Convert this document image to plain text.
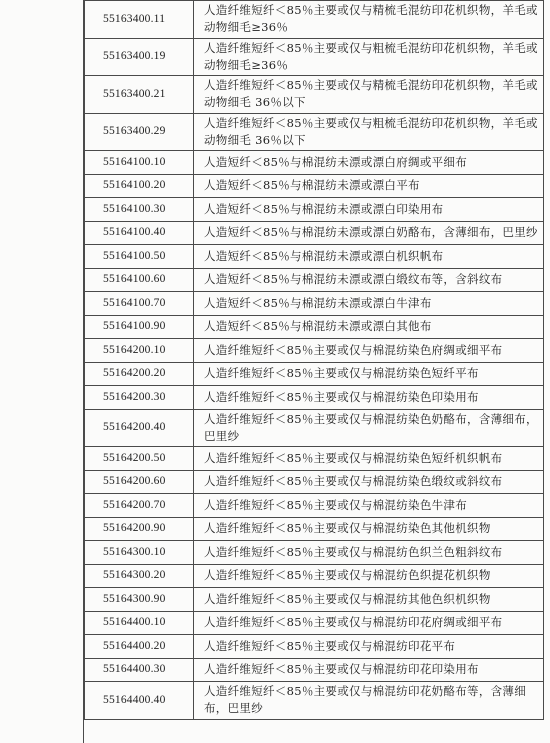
55163400.11	人造纤维短纤＜85％主要或仅与精梳毛混纺印花机织物，羊毛或动物细毛≥36％
55163400.19	人造纤维短纤＜85％主要或仅与粗梳毛混纺印花机织物，羊毛或动物细毛≥36％
55163400.21	人造纤维短纤＜85％主要或仅与精梳毛混纺印花机织物，羊毛或动物细毛 36％以下
55163400.29	人造纤维短纤＜85％主要或仅与粗梳毛混纺印花机织物，羊毛或动物细毛 36％以下
55164100.10	人造短纤＜85％与棉混纺未漂或漂白府绸或平细布
55164100.20	人造短纤＜85％与棉混纺未漂或漂白平布
55164100.30	人造短纤＜85％与棉混纺未漂或漂白印染用布
55164100.40	人造短纤＜85％与棉混纺未漂或漂白奶酪布，含薄细布，巴里纱
55164100.50	人造短纤＜85％与棉混纺未漂或漂白机织帆布
55164100.60	人造短纤＜85％与棉混纺未漂或漂白缎纹布等，含斜纹布
55164100.70	人造短纤＜85％与棉混纺未漂或漂白牛津布
55164100.90	人造短纤＜85％与棉混纺未漂或漂白其他布
55164200.10	人造纤维短纤＜85％主要或仅与棉混纺染色府绸或细平布
55164200.20	人造纤维短纤＜85％主要或仅与棉混纺染色短纤平布
55164200.30	人造纤维短纤＜85％主要或仅与棉混纺染色印染用布
55164200.40	人造纤维短纤＜85％主要或仅与棉混纺染色奶酪布，含薄细布，巴里纱
55164200.50	人造纤维短纤＜85％主要或仅与棉混纺染色短纤机织帆布
55164200.60	人造纤维短纤＜85％主要或仅与棉混纺染色缎纹或斜纹布
55164200.70	人造纤维短纤＜85％主要或仅与棉混纺染色牛津布
55164200.90	人造纤维短纤＜85％主要或仅与棉混纺染色其他机织物
55164300.10	人造纤维短纤＜85％主要或仅与棉混纺色织兰色粗斜纹布
55164300.20	人造纤维短纤＜85％主要或仅与棉混纺色织提花机织物
55164300.90	人造纤维短纤＜85％主要或仅与棉混纺其他色织机织物
55164400.10	人造纤维短纤＜85％主要或仅与棉混纺印花府绸或细平布
55164400.20	人造纤维短纤＜85％主要或仅与棉混纺印花平布
55164400.30	人造纤维短纤＜85％主要或仅与棉混纺印花印染用布
55164400.40	人造纤维短纤＜85％主要或仅与棉混纺印花奶酪布等，含薄细布，巴里纱
